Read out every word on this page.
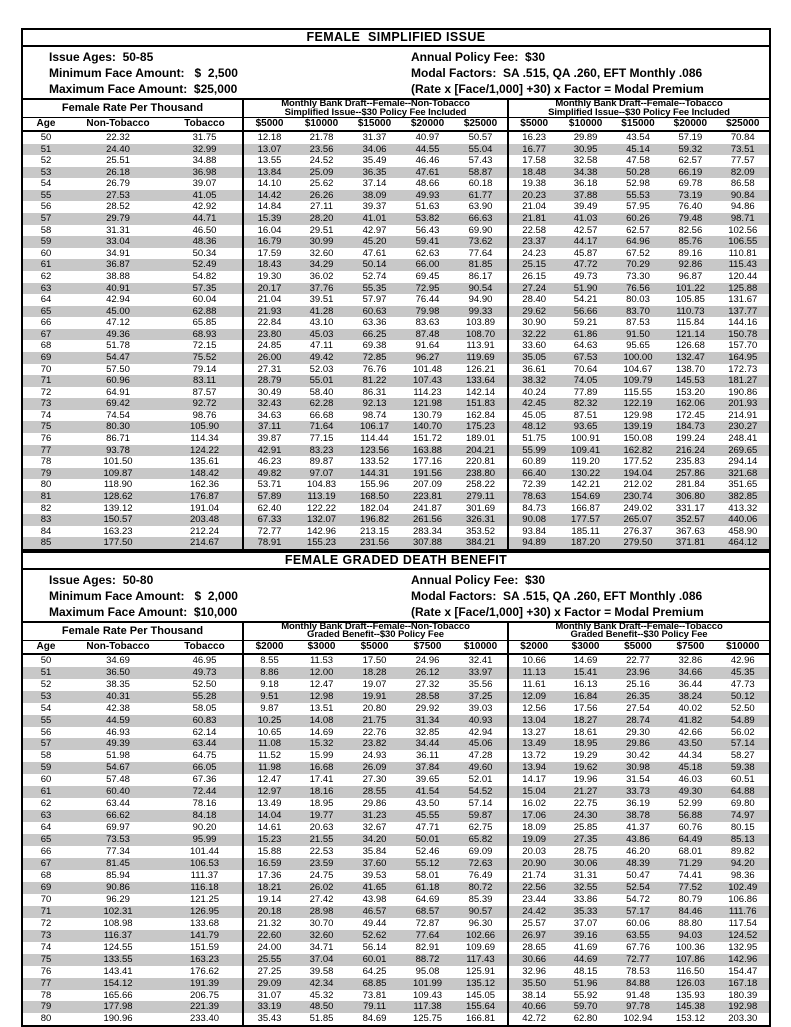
FEMALE  SIMPLIFIED ISSUE
Issue Ages:  50-85
Minimum Face Amount:   $  2,500
Maximum Face Amount:  $25,000
Annual Policy Fee:  $30
Modal Factors:  SA .515, QA .260, EFT Monthly .086
(Rate x [Face/1,000] +30) x Factor = Modal Premium
Female Rate Per Thousand	Monthly Bank Draft--Female--Non-Tobacco
Simplified Issue--$30 Policy Fee Included
Monthly Bank Draft--Female--Tobacco
Simplified Issue--$30 Policy Fee Included
Age	Non-Tobacco	Tobacco	$5000	$10000	$15000	$20000	$25000	$5000	$10000	$15000	$20000	$25000
50	22.32	31.75	12.18	21.78	31.37	40.97	50.57	16.23	29.89	43.54	57.19	70.84
51	24.40	32.99	13.07	23.56	34.06	44.55	55.04	16.77	30.95	45.14	59.32	73.51
52	25.51	34.88	13.55	24.52	35.49	46.46	57.43	17.58	32.58	47.58	62.57	77.57
53	26.18	36.98	13.84	25.09	36.35	47.61	58.87	18.48	34.38	50.28	66.19	82.09
54	26.79	39.07	14.10	25.62	37.14	48.66	60.18	19.38	36.18	52.98	69.78	86.58
55	27.53	41.05	14.42	26.26	38.09	49.93	61.77	20.23	37.88	55.53	73.19	90.84
56	28.52	42.92	14.84	27.11	39.37	51.63	63.90	21.04	39.49	57.95	76.40	94.86
57	29.79	44.71	15.39	28.20	41.01	53.82	66.63	21.81	41.03	60.26	79.48	98.71
58	31.31	46.50	16.04	29.51	42.97	56.43	69.90	22.58	42.57	62.57	82.56	102.56
59	33.04	48.36	16.79	30.99	45.20	59.41	73.62	23.37	44.17	64.96	85.76	106.55
60	34.91	50.34	17.59	32.60	47.61	62.63	77.64	24.23	45.87	67.52	89.16	110.81
61	36.87	52.49	18.43	34.29	50.14	66.00	81.85	25.15	47.72	70.29	92.86	115.43
62	38.88	54.82	19.30	36.02	52.74	69.45	86.17	26.15	49.73	73.30	96.87	120.44
63	40.91	57.35	20.17	37.76	55.35	72.95	90.54	27.24	51.90	76.56	101.22	125.88
64	42.94	60.04	21.04	39.51	57.97	76.44	94.90	28.40	54.21	80.03	105.85	131.67
65	45.00	62.88	21.93	41.28	60.63	79.98	99.33	29.62	56.66	83.70	110.73	137.77
66	47.12	65.85	22.84	43.10	63.36	83.63	103.89	30.90	59.21	87.53	115.84	144.16
67	49.36	68.93	23.80	45.03	66.25	87.48	108.70	32.22	61.86	91.50	121.14	150.78
68	51.78	72.15	24.85	47.11	69.38	91.64	113.91	33.60	64.63	95.65	126.68	157.70
69	54.47	75.52	26.00	49.42	72.85	96.27	119.69	35.05	67.53	100.00	132.47	164.95
70	57.50	79.14	27.31	52.03	76.76	101.48	126.21	36.61	70.64	104.67	138.70	172.73
71	60.96	83.11	28.79	55.01	81.22	107.43	133.64	38.32	74.05	109.79	145.53	181.27
72	64.91	87.57	30.49	58.40	86.31	114.23	142.14	40.24	77.89	115.55	153.20	190.86
73	69.42	92.72	32.43	62.28	92.13	121.98	151.83	42.45	82.32	122.19	162.06	201.93
74	74.54	98.76	34.63	66.68	98.74	130.79	162.84	45.05	87.51	129.98	172.45	214.91
75	80.30	105.90	37.11	71.64	106.17	140.70	175.23	48.12	93.65	139.19	184.73	230.27
76	86.71	114.34	39.87	77.15	114.44	151.72	189.01	51.75	100.91	150.08	199.24	248.41
77	93.78	124.22	42.91	83.23	123.56	163.88	204.21	55.99	109.41	162.82	216.24	269.65
78	101.50	135.61	46.23	89.87	133.52	177.16	220.81	60.89	119.20	177.52	235.83	294.14
79	109.87	148.42	49.82	97.07	144.31	191.56	238.80	66.40	130.22	194.04	257.86	321.68
80	118.90	162.36	53.71	104.83	155.96	207.09	258.22	72.39	142.21	212.02	281.84	351.65
81	128.62	176.87	57.89	113.19	168.50	223.81	279.11	78.63	154.69	230.74	306.80	382.85
82	139.12	191.04	62.40	122.22	182.04	241.87	301.69	84.73	166.87	249.02	331.17	413.32
83	150.57	203.48	67.33	132.07	196.82	261.56	326.31	90.08	177.57	265.07	352.57	440.06
84	163.23	212.24	72.77	142.96	213.15	283.34	353.52	93.84	185.11	276.37	367.63	458.90
85	177.50	214.67	78.91	155.23	231.56	307.88	384.21	94.89	187.20	279.50	371.81	464.12
FEMALE GRADED DEATH BENEFIT
Issue Ages:  50-80
Minimum Face Amount:   $  2,000
Maximum Face Amount:  $10,000
Annual Policy Fee:  $30
Modal Factors:  SA .515, QA .260, EFT Monthly .086
(Rate x [Face/1,000] +30) x Factor = Modal Premium
Female Rate Per Thousand	Monthly Bank Draft--Female--Non-Tobacco
Graded Benefit--$30 Policy Fee
Monthly Bank Draft--Female--Tobacco
Graded Benefit--$30 Policy Fee
Age	Non-Tobacco	Tobacco	$2000	$3000	$5000	$7500	$10000	$2000	$3000	$5000	$7500	$10000
50	34.69	46.95	8.55	11.53	17.50	24.96	32.41	10.66	14.69	22.77	32.86	42.96
51	36.50	49.73	8.86	12.00	18.28	26.12	33.97	11.13	15.41	23.96	34.66	45.35
52	38.35	52.50	9.18	12.47	19.07	27.32	35.56	11.61	16.13	25.16	36.44	47.73
53	40.31	55.28	9.51	12.98	19.91	28.58	37.25	12.09	16.84	26.35	38.24	50.12
54	42.38	58.05	9.87	13.51	20.80	29.92	39.03	12.56	17.56	27.54	40.02	52.50
55	44.59	60.83	10.25	14.08	21.75	31.34	40.93	13.04	18.27	28.74	41.82	54.89
56	46.93	62.14	10.65	14.69	22.76	32.85	42.94	13.27	18.61	29.30	42.66	56.02
57	49.39	63.44	11.08	15.32	23.82	34.44	45.06	13.49	18.95	29.86	43.50	57.14
58	51.98	64.75	11.52	15.99	24.93	36.11	47.28	13.72	19.29	30.42	44.34	58.27
59	54.67	66.05	11.98	16.68	26.09	37.84	49.60	13.94	19.62	30.98	45.18	59.38
60	57.48	67.36	12.47	17.41	27.30	39.65	52.01	14.17	19.96	31.54	46.03	60.51
61	60.40	72.44	12.97	18.16	28.55	41.54	54.52	15.04	21.27	33.73	49.30	64.88
62	63.44	78.16	13.49	18.95	29.86	43.50	57.14	16.02	22.75	36.19	52.99	69.80
63	66.62	84.18	14.04	19.77	31.23	45.55	59.87	17.06	24.30	38.78	56.88	74.97
64	69.97	90.20	14.61	20.63	32.67	47.71	62.75	18.09	25.85	41.37	60.76	80.15
65	73.53	95.99	15.23	21.55	34.20	50.01	65.82	19.09	27.35	43.86	64.49	85.13
66	77.34	101.44	15.88	22.53	35.84	52.46	69.09	20.03	28.75	46.20	68.01	89.82
67	81.45	106.53	16.59	23.59	37.60	55.12	72.63	20.90	30.06	48.39	71.29	94.20
68	85.94	111.37	17.36	24.75	39.53	58.01	76.49	21.74	31.31	50.47	74.41	98.36
69	90.86	116.18	18.21	26.02	41.65	61.18	80.72	22.56	32.55	52.54	77.52	102.49
70	96.29	121.25	19.14	27.42	43.98	64.69	85.39	23.44	33.86	54.72	80.79	106.86
71	102.31	126.95	20.18	28.98	46.57	68.57	90.57	24.42	35.33	57.17	84.46	111.76
72	108.98	133.68	21.32	30.70	49.44	72.87	96.30	25.57	37.07	60.06	88.80	117.54
73	116.37	141.79	22.60	32.60	52.62	77.64	102.66	26.97	39.16	63.55	94.03	124.52
74	124.55	151.59	24.00	34.71	56.14	82.91	109.69	28.65	41.69	67.76	100.36	132.95
75	133.55	163.23	25.55	37.04	60.01	88.72	117.43	30.66	44.69	72.77	107.86	142.96
76	143.41	176.62	27.25	39.58	64.25	95.08	125.91	32.96	48.15	78.53	116.50	154.47
77	154.12	191.39	29.09	42.34	68.85	101.99	135.12	35.50	51.96	84.88	126.03	167.18
78	165.66	206.75	31.07	45.32	73.81	109.43	145.05	38.14	55.92	91.48	135.93	180.39
79	177.98	221.39	33.19	48.50	79.11	117.38	155.64	40.66	59.70	97.78	145.38	192.98
80	190.96	233.40	35.43	51.85	84.69	125.75	166.81	42.72	62.80	102.94	153.12	203.30
